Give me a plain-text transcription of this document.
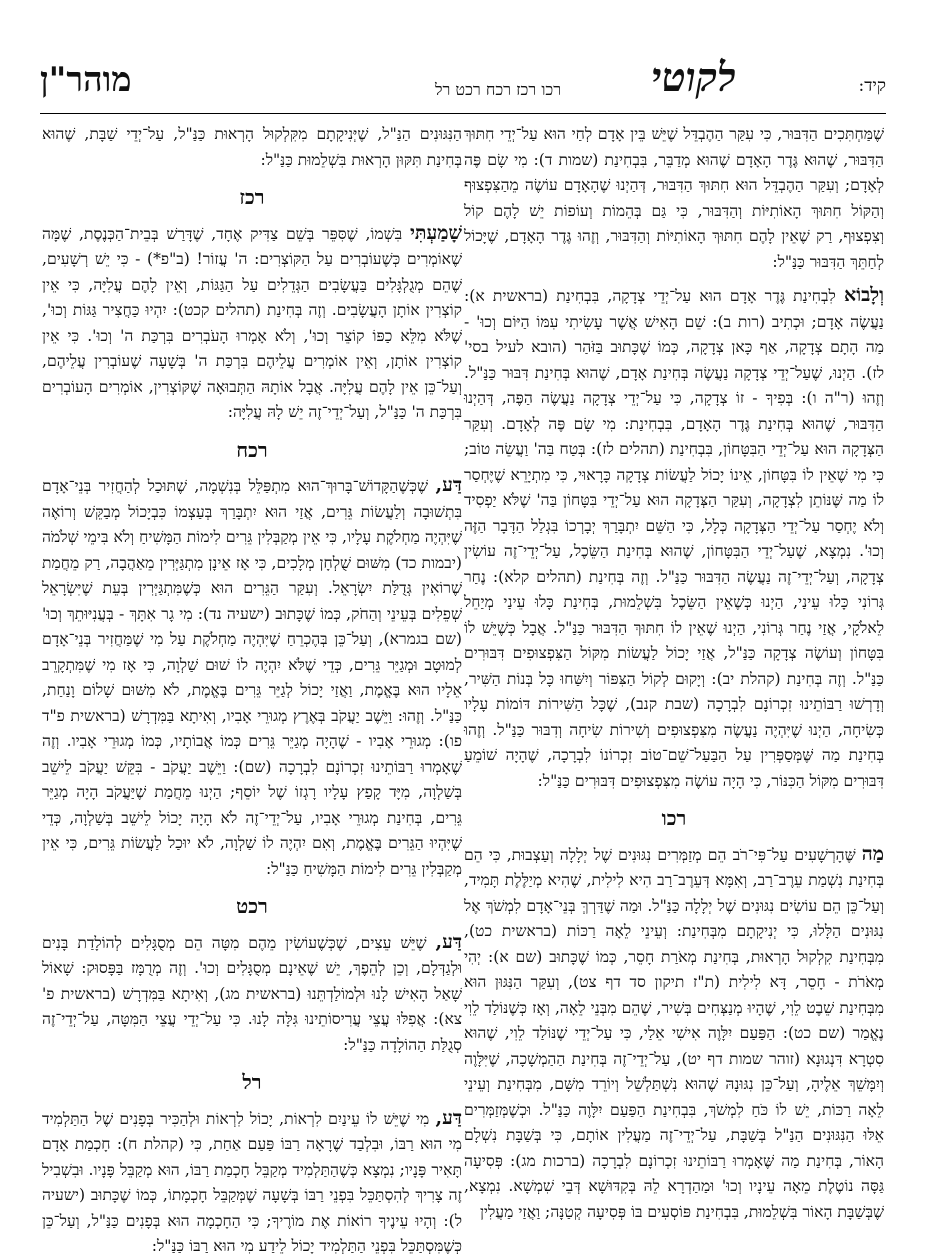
קיד:
לקוטי
רכו רכז רכח רכט רל
מוהר"ן

שֶׁמַּחְתִּכִים הַדִּבּוּר, כִּי עִקַּר הַהֶבְדֵּל שֶׁיֵּשׁ בֵּין אָדָם לְחַי הוּא עַל־יְדֵי חִתּוּךְ הַדִּבּוּר, שֶׁהוּא גֶּדֶר הָאָדָם שֶׁהוּא מְדַבֵּר, בִּבְחִינַת (שמות ד): מִי שָׂם פֶּה לְאָדָם; וְעִקַּר הַהֶבְדֵּל הוּא חִתּוּךְ הַדִּבּוּר, דְּהַיְנוּ שֶׁהָאָדָם עוֹשֶׂה מֵהַצִּפְצוּף וְהַקּוֹל חִתּוּךְ הָאוֹתִיּוֹת וְהַדִּבּוּר, כִּי גַּם בְּהֵמוֹת וְעוֹפוֹת יֵשׁ לָהֶם קוֹל וְצִפְצוּף, רַק שֶׁאֵין לָהֶם חִתּוּךְ הָאוֹתִיּוֹת וְהַדִּבּוּר, וְזֶהוּ גֶּדֶר הָאָדָם, שֶׁיָּכוֹל לְחַתֵּךְ הַדִּבּוּר כַּנַּ"ל:

וְלָבוֹא לִבְחִינַת גֶּדֶר אָדָם הוּא עַל־יְדֵי צְדָקָה, בִּבְחִינַת (בראשית א): נַעֲשֶׂה אָדָם; וּכְתִיב (רות ב): שֵׁם הָאִישׁ אֲשֶׁר עָשִׂיתִי עִמּוֹ הַיּוֹם וְכוּ' - מַה הָתָם צְדָקָה, אַף כָּאן צְדָקָה, כְּמוֹ שֶׁכָּתוּב בַּזֹּהַר (הובא לעיל בסי' לז). הַיְנוּ, שֶׁעַל־יְדֵי צְדָקָה נַעֲשֶׂה בְּחִינַת אָדָם, שֶׁהוּא בְּחִינַת דִּבּוּר כַּנַּ"ל. וְזֶהוּ (ר"ה ו): בְּפִיךָ - זוֹ צְדָקָה, כִּי עַל־יְדֵי צְדָקָה נַעֲשֶׂה הַפֶּה, דְּהַיְנוּ הַדִּבּוּר, שֶׁהוּא בְּחִינַת גֶּדֶר הָאָדָם, בִּבְחִינַת: מִי שָׂם פֶּה לְאָדָם. וְעִקַּר הַצְּדָקָה הוּא עַל־יְדֵי הַבִּטָּחוֹן, בִּבְחִינַת (תהלים לז): בְּטַח בַּה' וַעֲשֵׂה טוֹב; כִּי מִי שֶׁאֵין לוֹ בִּטָּחוֹן, אֵינוֹ יָכוֹל לַעֲשׂוֹת צְדָקָה כָּרָאוּי, כִּי מִתְיָרֵא שֶׁיֶּחְסַר לוֹ מַה שֶּׁנּוֹתֵן לִצְדָקָה, וְעִקַּר הַצְּדָקָה הוּא עַל־יְדֵי בִּטָּחוֹן בַּה' שֶׁלֹּא יַפְסִיד וְלֹא יֶחְסַר עַל־יְדֵי הַצְּדָקָה כְּלָל, כִּי הַשֵּׁם יִתְבָּרַךְ יְבָרְכוֹ בִּגְלַל הַדָּבָר הַזֶּה וְכוּ'. נִמְצָא, שֶׁעַל־יְדֵי הַבִּטָּחוֹן, שֶׁהוּא בְּחִינַת הַשֵּׂכֶל, עַל־יְדֵי־זֶה עוֹשִׂין צְדָקָה, וְעַל־יְדֵי־זֶה נַעֲשֶׂה הַדִּבּוּר כַּנַּ"ל. וְזֶה בְּחִינַת (תהלים קלא): נֶחַר גְּרוֹנִי כָּלוּ עֵינַי, הַיְנוּ כְּשֶׁאֵין הַשֵּׂכֶל בִּשְׁלֵמוּת, בְּחִינַת כָּלוּ עֵינַי מְיַחֵל לֵאלֹקָי, אֲזַי נֶחַר גְּרוֹנִי, הַיְנוּ שֶׁאֵין לוֹ חִתּוּךְ הַדִּבּוּר כַּנַּ"ל. אֲבָל כְּשֶׁיֵּשׁ לוֹ בִּטָּחוֹן וְעוֹשֶׂה צְדָקָה כַּנַּ"ל, אֲזַי יָכוֹל לַעֲשׂוֹת מִקּוֹל הַצִּפְצוּפִים דִּבּוּרִים כַּנַּ"ל. וְזֶה בְּחִינַת (קהלת יב): וְיָקוּם לְקוֹל הַצִּפּוֹר וְיִשַּׁחוּ כָּל בְּנוֹת הַשִּׁיר, וְדָרְשׁוּ רַבּוֹתֵינוּ זִכְרוֹנָם לִבְרָכָה (שבת קנב), שֶׁכָּל הַשִּׁירוֹת דּוֹמוֹת עָלָיו כְּשִׂיחָה, הַיְנוּ שֶׁיִּהְיֶה נַעֲשֶׂה מִצִּפְצוּפִים וְשִׁירוֹת שִׂיחָה וְדִבּוּר כַּנַּ"ל. וְזֶהוּ בְּחִינַת מַה שֶּׁמְּסַפְּרִין עַל הַבַּעַל־שֵׁם־טוֹב זִכְרוֹנוֹ לִבְרָכָה, שֶׁהָיָה שׁוֹמֵעַ דִּבּוּרִים מִקּוֹל הַכִּנּוֹר, כִּי הָיָה עוֹשֶׂה מִצִּפְצוּפִים דִּבּוּרִים כַּנַּ"ל:

רכו

מַה שֶּׁהָרְשָׁעִים עַל־פִּי־רֹב הֵם מְזַמְּרִים נִגּוּנִים שֶׁל יְלָלָה וְעַצְבוּת, כִּי הֵם בְּחִינַת נִשְׁמַת עֵרֶב־רַב, וְאִמָּא דְּעֵרֶב־רַב הִיא לִילִית, שֶׁהִיא מְיַלֶּלֶת תָּמִיד, וְעַל־כֵּן הֵם עוֹשִׂים נִגּוּנִים שֶׁל יְלָלָה כַּנַּ"ל. וּמַה שֶׁדַּרְךְּ בְּנֵי־אָדָם לִמְשֹׁךְ אֶל נִגּוּנִים הַלָּלוּ, כִּי יְנִיקָתָם מִבְּחִינַת: וְעֵינֵי לֵאָה רַכּוֹת (בראשית כט), מִבְּחִינַת קִלְקוּל הָרְאוּת, בְּחִינַת מְאֹרַת חָסֵר, כְּמוֹ שֶׁכָּתוּב (שם א): יְהִי מְאֹרֹת - חָסֵר, דָּא לִילִית (ת"ז תיקון סד דף צט), וְעִקַּר הַנִּגּוּן הוּא מִבְּחִינַת שֵׁבֶט לֵוִי, שֶׁהָיוּ מְנַצְּחִים בְּשִׁיר, שֶׁהֵם מִבְּנֵי לֵאָה, וְאָז כְּשֶׁנּוֹלַד לֵוִי נֶאֱמַר (שם כט): הַפַּעַם יִלָּוֶה אִישִׁי אֵלַי, כִּי עַל־יְדֵי שֶׁנּוֹלַד לֵוִי, שֶׁהוּא סִטְרָא דִּנְגוּנָא (זוהר שמות דף יט), עַל־יְדֵי־זֶה בְּחִינַת הַהַמְשָׁכָה, שֶׁיִּלָּוֶה וְיִמָּשֵׁךְ אֵלֶיהָ, וְעַל־כֵּן נִגּוּנָהּ שֶׁהוּא נִשְׁתַּלְשֵׁל וְיוֹרֵד מִשָּׁם, מִבְּחִינַת וְעֵינֵי לֵאָה רַכּוֹת, יֵשׁ לוֹ כֹּחַ לִמְשֹׁךְ, בִּבְחִינַת הַפַּעַם יִלָּוֶה כַּנַּ"ל. וּכְשֶׁמְּזַמְּרִים אֵלּוּ הַנִּגּוּנִים הַנַּ"ל בְּשַׁבָּת, עַל־יְדֵי־זֶה מַעֲלִין אוֹתָם, כִּי בְּשַׁבָּת נִשְׁלָם הָאוֹר, בְּחִינַת מַה שֶּׁאָמְרוּ רַבּוֹתֵינוּ זִכְרוֹנָם לִבְרָכָה (ברכות מג): פְּסִיעָה גַּסָּה נוֹטֶלֶת מֵאָה עֵינָיו וְכוּ' וּמַהַדְרָא לֵהּ בְּקִדּוּשָׁא דְּבֵי שִׁמְשָׁא. נִמְצָא, שֶׁבְּשַׁבָּת הָאוֹר בִּשְׁלֵמוּת, בִּבְחִינַת פּוֹסְעִים בּוֹ פְּסִיעָה קְטַנָּה; וַאֲזַי מַעֲלִין

הַנִּגּוּנִים הַנַּ"ל, שֶׁיְּנִיקָתָם מִקִּלְקוּל הָרְאוּת כַּנַּ"ל, עַל־יְדֵי שַׁבָּת, שֶׁהוּא בְּחִינַת תִּקּוּן הָרְאוּת בִּשְׁלֵמוּת כַּנַּ"ל:

רכז

שָׁמַעְתִּי בִּשְׁמוֹ, שֶׁסִּפֵּר בְּשֵׁם צַדִּיק אֶחָד, שֶׁדָּרַשׁ בְּבֵית־הַכְּנֶסֶת, שֶׁמָּה שֶׁאוֹמְרִים כְּשֶׁעוֹבְרִים עַל הַקּוֹצְרִים: ה' עֲזוֹר! (ב"פ*) - כִּי יֵשׁ רְשָׁעִים, שֶׁהֵם מְגֻלְגָּלִים בַּעֲשָׂבִים הַגְּדֵלִים עַל הַגַּגּוֹת, וְאֵין לָהֶם עֲלִיָּה, כִּי אֵין קוֹצְרִין אוֹתָן הָעֲשָׂבִים. וְזֶה בְּחִינַת (תהלים קכט): יִהְיוּ כַּחֲצִיר גַּגּוֹת וְכוּ', שֶׁלֹּא מִלֵּא כַפּוֹ קוֹצֵר וְכוּ', וְלֹא אָמְרוּ הָעֹבְרִים בִּרְכַּת ה' וְכוּ'. כִּי אֵין קוֹצְרִין אוֹתָן, וְאֵין אוֹמְרִים עֲלֵיהֶם בִּרְכַּת ה' בְּשָׁעָה שֶׁעוֹבְרִין עֲלֵיהֶם, וְעַל־כֵּן אֵין לָהֶם עֲלִיָּה. אֲבָל אוֹתָהּ הַתְּבוּאָה שֶׁקּוֹצְרִין, אוֹמְרִים הָעוֹבְרִים בִּרְכַּת ה' כַּנַּ"ל, וְעַל־יְדֵי־זֶה יֵשׁ לָהּ עֲלִיָּה:

רכח

דַּע, שֶׁכְּשֶׁהַקָּדוֹשׁ־בָּרוּךְ־הוּא מִתְפַּלֵּל בְּנִשְׁמָה, שֶׁתּוּכַל לְהַחֲזִיר בְּנֵי־אָדָם בִּתְשׁוּבָה וְלַעֲשׂוֹת גֵּרִים, אֲזַי הוּא יִתְבָּרַךְ בְּעַצְמוֹ כִּבְיָכוֹל מְבַקֵּשׁ וְרוֹאֶה שֶׁיִּהְיֶה מַחְלֹקֶת עָלָיו, כִּי אֵין מְקַבְּלִין גֵּרִים לִימוֹת הַמָּשִׁיחַ וְלֹא בִּימֵי שְׁלֹמֹה (יבמות כד) מִשּׁוּם שֻׁלְחָן מְלָכִים, כִּי אָז אֵינָן מִתְגַּיְּרִין מֵאַהֲבָה, רַק מֵחֲמַת שֶׁרוֹאִין גְּדֻלַּת יִשְׂרָאֵל. וְעִקַּר הַגֵּרִים הוּא כְּשֶׁמִּתְגַּיְּרִין בְּעֵת שֶׁיִּשְׂרָאֵל שְׁפֵלִים בְּעֵינֵי וְהַחֹק, כְּמוֹ שֶׁכָּתוּב (ישעיה נד): מִי גָר אִתָּךְ - בְּעֲנִיּוּתֵךְ וְכוּ' (שם בגמרא), וְעַל־כֵּן בְּהֶכְרֵחַ שֶׁיִּהְיֶה מַחְלֹקֶת עַל מִי שֶׁמַּחֲזִיר בְּנֵי־אָדָם לְמוּטָב וּמְגַיֵּר גֵּרִים, כְּדֵי שֶׁלֹּא יִהְיֶה לוֹ שׁוּם שַׁלְוָה, כִּי אָז מִי שֶׁמִּתְקָרֵב אֵלָיו הוּא בֶּאֱמֶת, וַאֲזַי יָכוֹל לְגַיֵּר גֵּרִים בֶּאֱמֶת, לֹא מִשּׁוּם שָׁלוֹם וָנַחַת, כַּנַּ"ל. וְזֶהוּ: וַיֵּשֶׁב יַעֲקֹב בְּאֶרֶץ מְגוּרֵי אָבִיו, וְאִיתָא בַּמִּדְרָשׁ (בראשית פ"ד פו): מְגוּרֵי אָבִיו - שֶׁהָיָה מְגַיֵּר גֵּרִים כְּמוֹ אֲבוֹתָיו, כְּמוֹ מְגוּרֵי אָבִיו. וְזֶה שֶׁאָמְרוּ רַבּוֹתֵינוּ זִכְרוֹנָם לִבְרָכָה (שם): וַיֵּשֶׁב יַעֲקֹב - בִּקֵּשׁ יַעֲקֹב לֵישֵׁב בְּשַׁלְוָה, מִיָּד קָפַץ עָלָיו רָגְזוֹ שֶׁל יוֹסֵף; הַיְנוּ מֵחֲמַת שֶׁיַּעֲקֹב הָיָה מְגַיֵּר גֵּרִים, בְּחִינַת מְגוּרֵי אָבִיו, עַל־יְדֵי־זֶה לֹא הָיָה יָכוֹל לֵישֵׁב בְּשַׁלְוָה, כְּדֵי שֶׁיִּהְיוּ הַגֵּרִים בֶּאֱמֶת, וְאִם יִהְיֶה לוֹ שַׁלְוָה, לֹא יוּכַל לַעֲשׂוֹת גֵּרִים, כִּי אֵין מְקַבְּלִין גֵּרִים לִימוֹת הַמָּשִׁיחַ כַּנַּ"ל:

רכט

דַּע, שֶׁיֵּשׁ עֵצִים, שֶׁכְּשֶׁעוֹשִׂין מֵהֶם מִטָּה הֵם מְסֻגָּלִים לְהוֹלָדַת בָּנִים וּלְגַדְּלָם, וְכֵן לְהֵפֶךְ, יֵשׁ שֶׁאֵינָם מְסֻגָּלִים וְכוּ'. וְזֶה מְרֻמָּז בַּפָּסוּק: שָׁאוֹל שָׁאַל הָאִישׁ לָנוּ וּלְמוֹלַדְתֵּנוּ (בראשית מג), וְאִיתָא בַּמִּדְרָשׁ (בראשית פ' צא): אֲפִלּוּ עֲצֵי עֲרִיסוֹתֵינוּ גִּלָּה לָנוּ. כִּי עַל־יְדֵי עֲצֵי הַמִּטָּה, עַל־יְדֵי־זֶה סְגֻלַּת הַהוֹלָדָה כַּנַּ"ל:

רל

דַּע, מִי שֶׁיֵּשׁ לוֹ עֵינַיִם לִרְאוֹת, יָכוֹל לִרְאוֹת וּלְהַכִּיר בְּפָנִים שֶׁל הַתַּלְמִיד מִי הוּא רַבּוֹ, וּבִלְבַד שֶׁרָאָה רַבּוֹ פַּעַם אַחַת, כִּי (קהלת ח): חָכְמַת אָדָם תָּאִיר פָּנָיו; נִמְצָא כְּשֶׁהַתַּלְמִיד מְקַבֵּל חָכְמַת רַבּוֹ, הוּא מְקַבֵּל פָּנָיו. וּבִשְׁבִיל זֶה צָרִיךְ לְהִסְתַּכֵּל בִּפְנֵי רַבּוֹ בְּשָׁעָה שֶׁמְּקַבֵּל חָכְמָתוֹ, כְּמוֹ שֶׁכָּתוּב (ישעיה ל): וְהָיוּ עֵינֶיךָ רוֹאוֹת אֶת מוֹרֶיךָ; כִּי הַחָכְמָה הוּא בְּפָנִים כַּנַּ"ל, וְעַל־כֵּן כְּשֶׁמִּסְתַּכֵּל בִּפְנֵי הַתַּלְמִיד יָכוֹל לֵידַע מִי הוּא רַבּוֹ כַּנַּ"ל:
